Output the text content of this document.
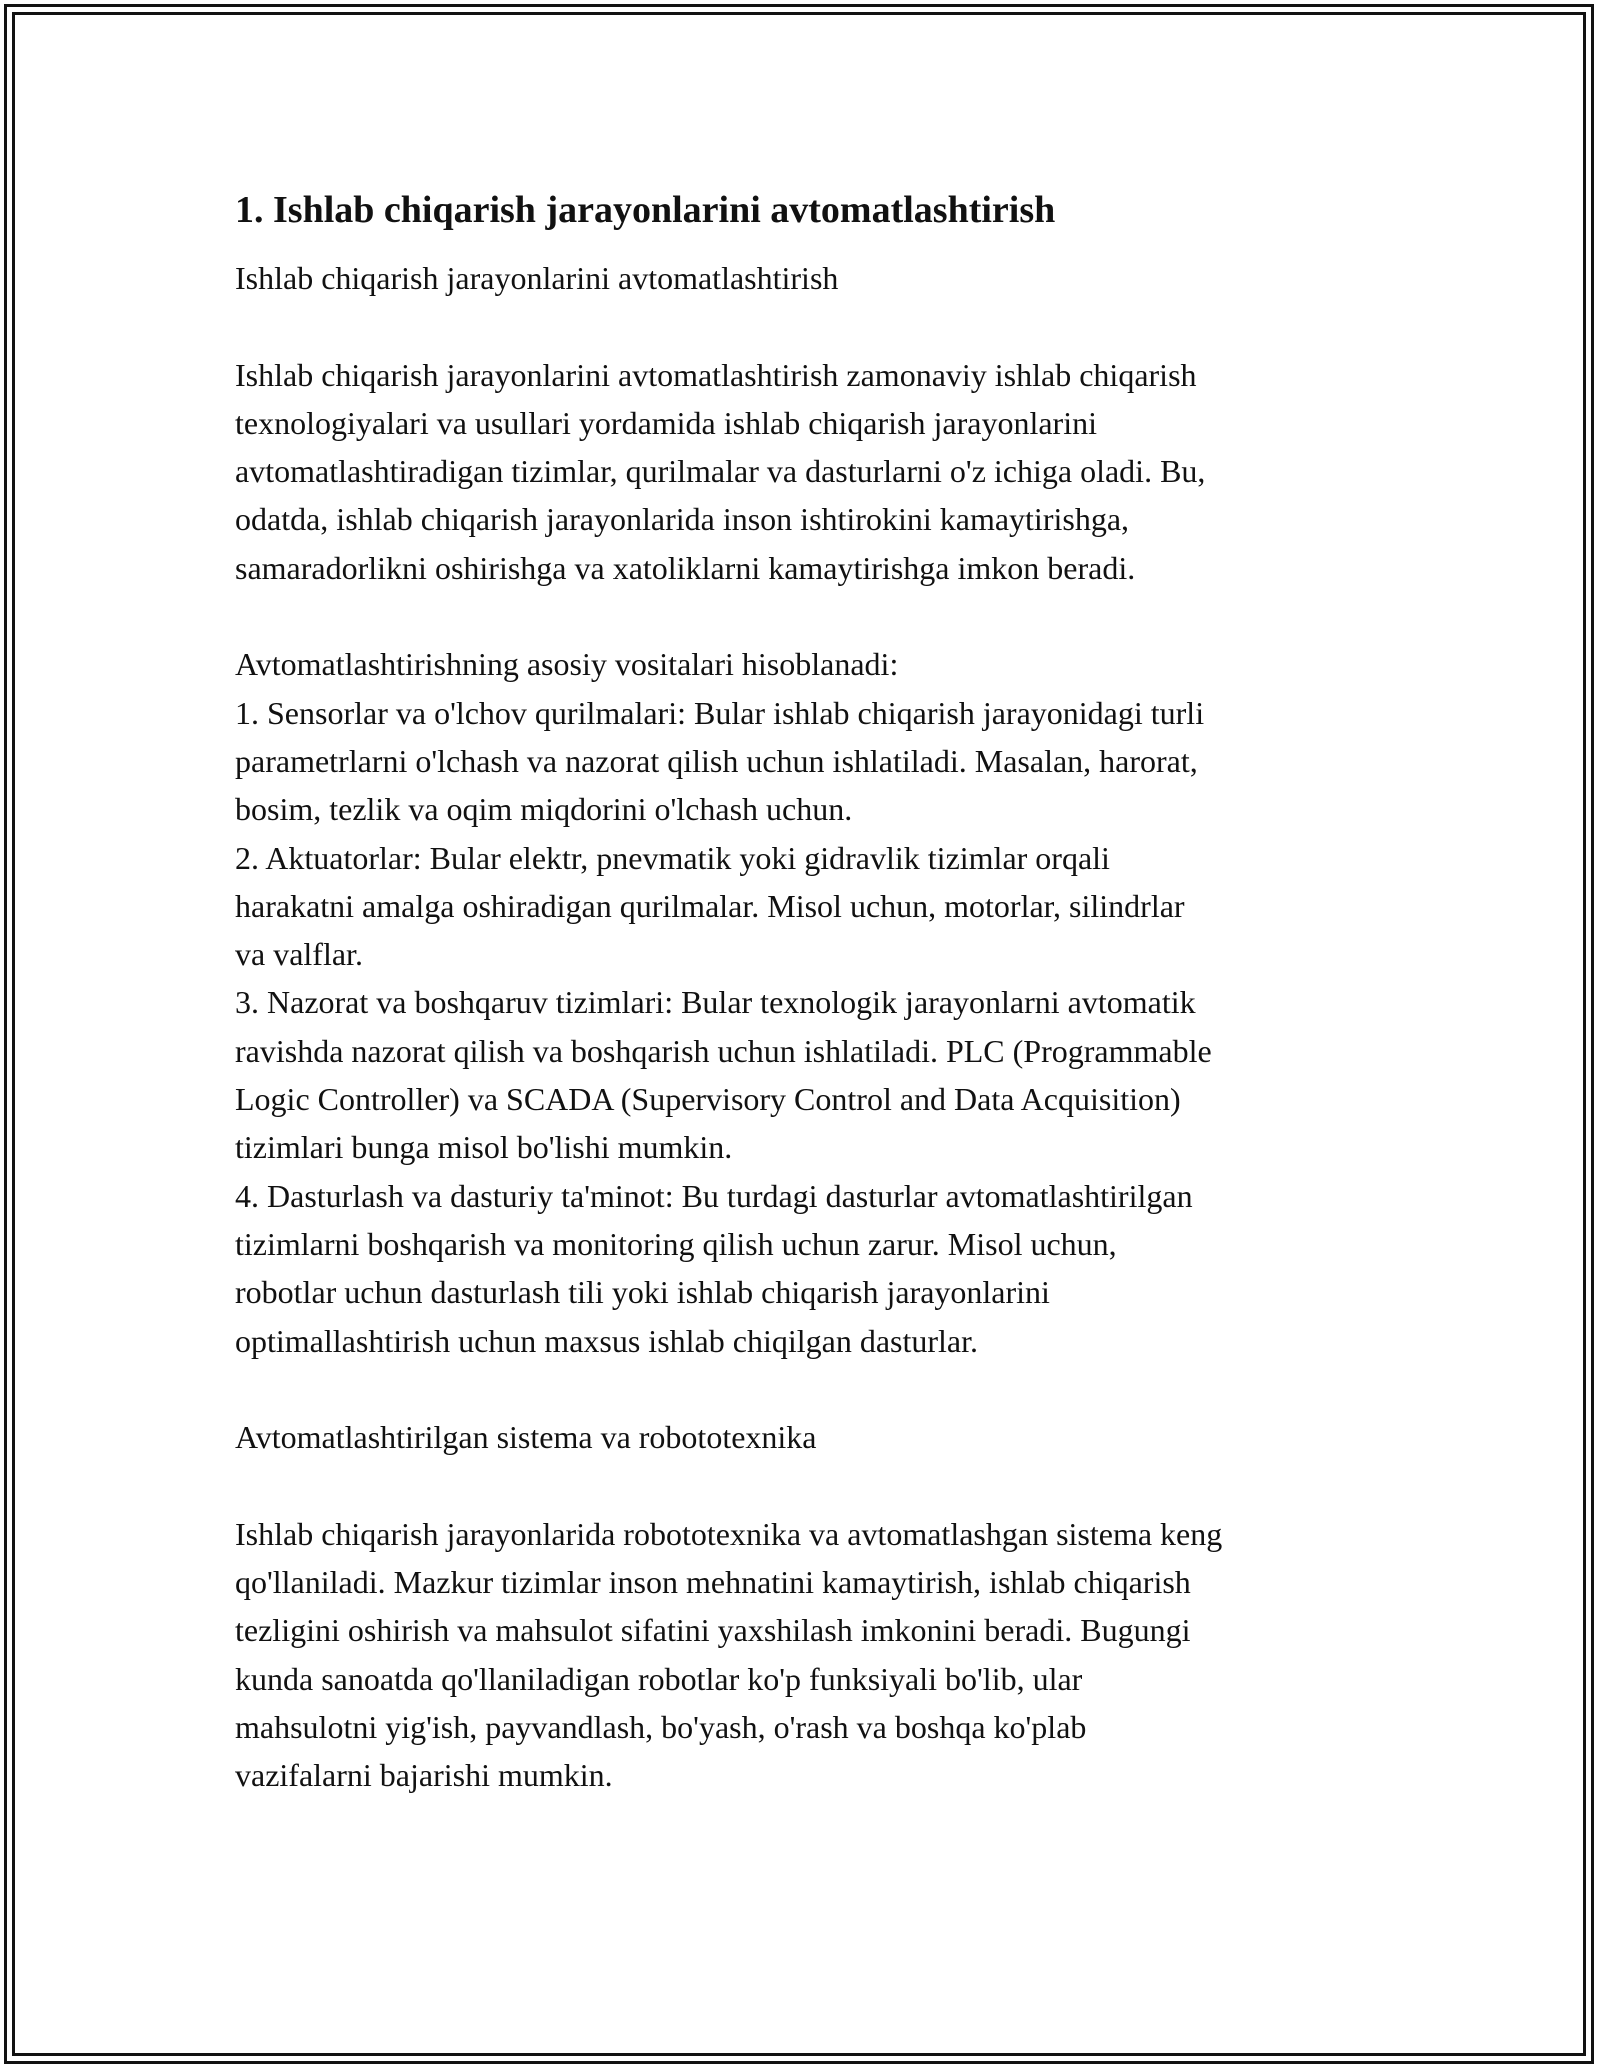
1. Ishlab chiqarish jarayonlarini avtomatlashtirish

Ishlab chiqarish jarayonlarini avtomatlashtirish

Ishlab chiqarish jarayonlarini avtomatlashtirish zamonaviy ishlab chiqarish

texnologiyalari va usullari yordamida ishlab chiqarish jarayonlarini

avtomatlashtiradigan tizimlar, qurilmalar va dasturlarni o'z ichiga oladi. Bu,

odatda, ishlab chiqarish jarayonlarida inson ishtirokini kamaytirishga,

samaradorlikni oshirishga va xatoliklarni kamaytirishga imkon beradi.

Avtomatlashtirishning asosiy vositalari hisoblanadi:

1. Sensorlar va o'lchov qurilmalari: Bular ishlab chiqarish jarayonidagi turli

parametrlarni o'lchash va nazorat qilish uchun ishlatiladi. Masalan, harorat,

bosim, tezlik va oqim miqdorini o'lchash uchun.

2. Aktuatorlar: Bular elektr, pnevmatik yoki gidravlik tizimlar orqali

harakatni amalga oshiradigan qurilmalar. Misol uchun, motorlar, silindrlar

va valflar.

3. Nazorat va boshqaruv tizimlari: Bular texnologik jarayonlarni avtomatik

ravishda nazorat qilish va boshqarish uchun ishlatiladi. PLC (Programmable

Logic Controller) va SCADA (Supervisory Control and Data Acquisition)

tizimlari bunga misol bo'lishi mumkin.

4. Dasturlash va dasturiy ta'minot: Bu turdagi dasturlar avtomatlashtirilgan

tizimlarni boshqarish va monitoring qilish uchun zarur. Misol uchun,

robotlar uchun dasturlash tili yoki ishlab chiqarish jarayonlarini

optimallashtirish uchun maxsus ishlab chiqilgan dasturlar.

Avtomatlashtirilgan sistema va robototexnika

Ishlab chiqarish jarayonlarida robototexnika va avtomatlashgan sistema keng

qo'llaniladi. Mazkur tizimlar inson mehnatini kamaytirish, ishlab chiqarish

tezligini oshirish va mahsulot sifatini yaxshilash imkonini beradi. Bugungi

kunda sanoatda qo'llaniladigan robotlar ko'p funksiyali bo'lib, ular

mahsulotni yig'ish, payvandlash, bo'yash, o'rash va boshqa ko'plab

vazifalarni bajarishi mumkin.
